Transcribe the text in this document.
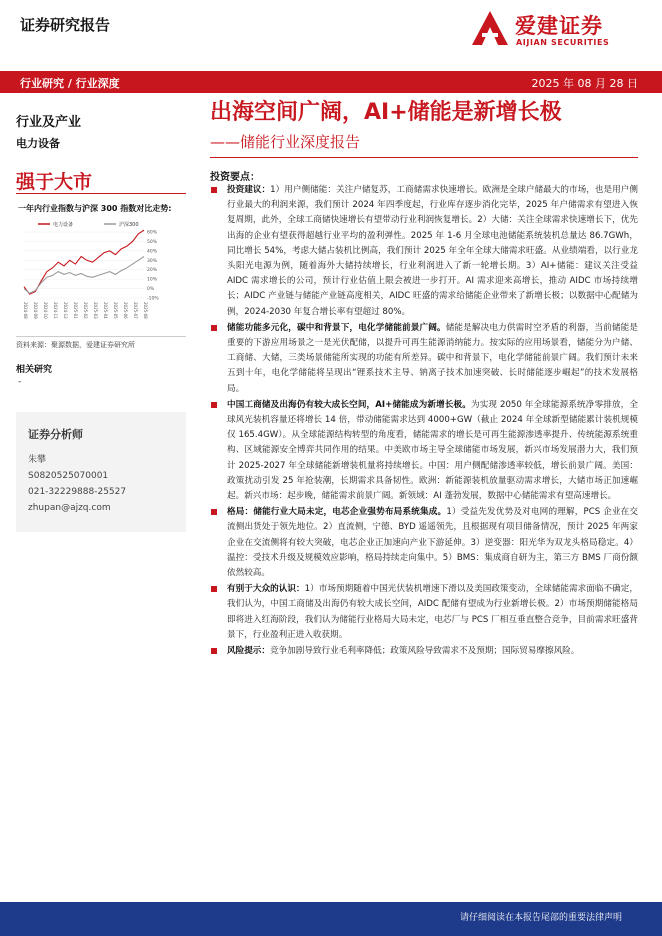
证券研究报告	爱建证券
AIJIAN SECURITIES
行业研究 / 行业深度	2025 年 08 月 28 日
行业及产业
电力设备
强于大市
一年内行业指数与沪深 300 指数对比走势:
电力设备	沪深300
60%
50%
40%
30%
20%
10%
0%
-10%
2024-08 2024-09 2024-10 2024-11 2024-12 2025-01 2025-02 2025-03 2025-04 2025-05 2025-06 2025-07 2025-08
资料来源：聚源数据，爱建证券研究所
相关研究
-
证券分析师
朱攀
S0820525070001
021-32229888-25527
zhupan@ajzq.com
出海空间广阔，AI+储能是新增长极
——储能行业深度报告
投资要点：
投资建议：1）用户侧储能：关注户储复苏，工商储需求快速增长。欧洲是全球户储最大的市场，也是用户侧行业最大的利润来源，我们预计 2024 年四季度起，行业库存逐步消化完毕，2025 年户储需求有望进入恢复周期，此外，全球工商储快速增长有望带动行业利润恢复增长。2）大储：关注全球需求快速增长下，优先出海的企业有望获得超越行业平均的盈利弹性。2025 年 1-6 月全球电池储能系统装机总量达 86.7GWh，同比增长 54%，考虑大储占装机比例高，我们预计 2025 年全年全球大储需求旺盛。从业绩端看，以行业龙头阳光电源为例，随着海外大储持续增长，行业利润进入了新一轮增长期。3）AI+储能：建议关注受益 AIDC 需求增长的公司，预计行业估值上限会被进一步打开。AI 需求迎来高增长，推动 AIDC 市场持续增长；AIDC 产业链与储能产业链高度相关，AIDC 旺盛的需求给储能企业带来了新增长极；以数据中心配储为例，2024-2030 年复合增长率有望超过 80%。
储能功能多元化，碳中和背景下，电化学储能前景广阔。储能是解决电力供需时空矛盾的利器，当前储能是重要的下游应用场景之一是光伏配储，以提升可再生能源消纳能力。按实际的应用场景看，储能分为户储、工商储、大储，三类场景储能所实现的功能有所差异。碳中和背景下，电化学储能前景广阔。我们预计未来五到十年，电化学储能将呈现出“锂系技术主导、钠离子技术加速突破、长时储能逐步崛起”的技术发展格局。
中国工商储及出海仍有较大成长空间，AI+储能成为新增长极。为实现 2050 年全球能源系统净零排放，全球风光装机容量还将增长 14 倍，带动储能需求达到 4000+GW（截止 2024 年全球新型储能累计装机规模仅 165.4GW）。从全球能源结构转型的角度看，储能需求的增长是可再生能源渗透率提升、传统能源系统重构、区域能源安全博弈共同作用的结果。中美欧市场主导全球储能市场发展，新兴市场发展潜力大，我们预计 2025-2027 年全球储能新增装机量将持续增长。中国：用户侧配储渗透率较低，增长前景广阔。美国：政策扰动引发 25 年抢装潮，长期需求具备韧性。欧洲：新能源装机放量驱动需求增长，大储市场正加速崛起。新兴市场：起步晚，储能需求前景广阔。新领域：AI 蓬勃发展，数据中心储能需求有望高速增长。
格局：储能行业大局未定，电芯企业强势布局系统集成。1）受益先发优势及对电网的理解，PCS 企业在交流侧出货处于领先地位。2）直流侧，宁德、BYD 遥遥领先，且根据现有项目储备情况，预计 2025 年两家企业在交流侧将有较大突破，电芯企业正加速向产业下游延伸。3）逆变器：阳光华为双龙头格局稳定。4）温控：受技术升级及规模效应影响，格局持续走向集中。5）BMS：集成商自研为主，第三方 BMS 厂商份额依然较高。
有别于大众的认识：1）市场预期随着中国光伏装机增速下滑以及美国政策变动，全球储能需求面临不确定，我们认为，中国工商储及出海仍有较大成长空间，AIDC 配储有望成为行业新增长极。2）市场预期储能格局即将进入红海阶段，我们认为储能行业格局大局未定，电芯厂与 PCS 厂相互垂直整合竞争，目前需求旺盛背景下，行业盈利正进入收获期。
风险提示：竞争加剧导致行业毛利率降低；政策风险导致需求不及预期；国际贸易摩擦风险。
请仔细阅读在本报告尾部的重要法律声明
